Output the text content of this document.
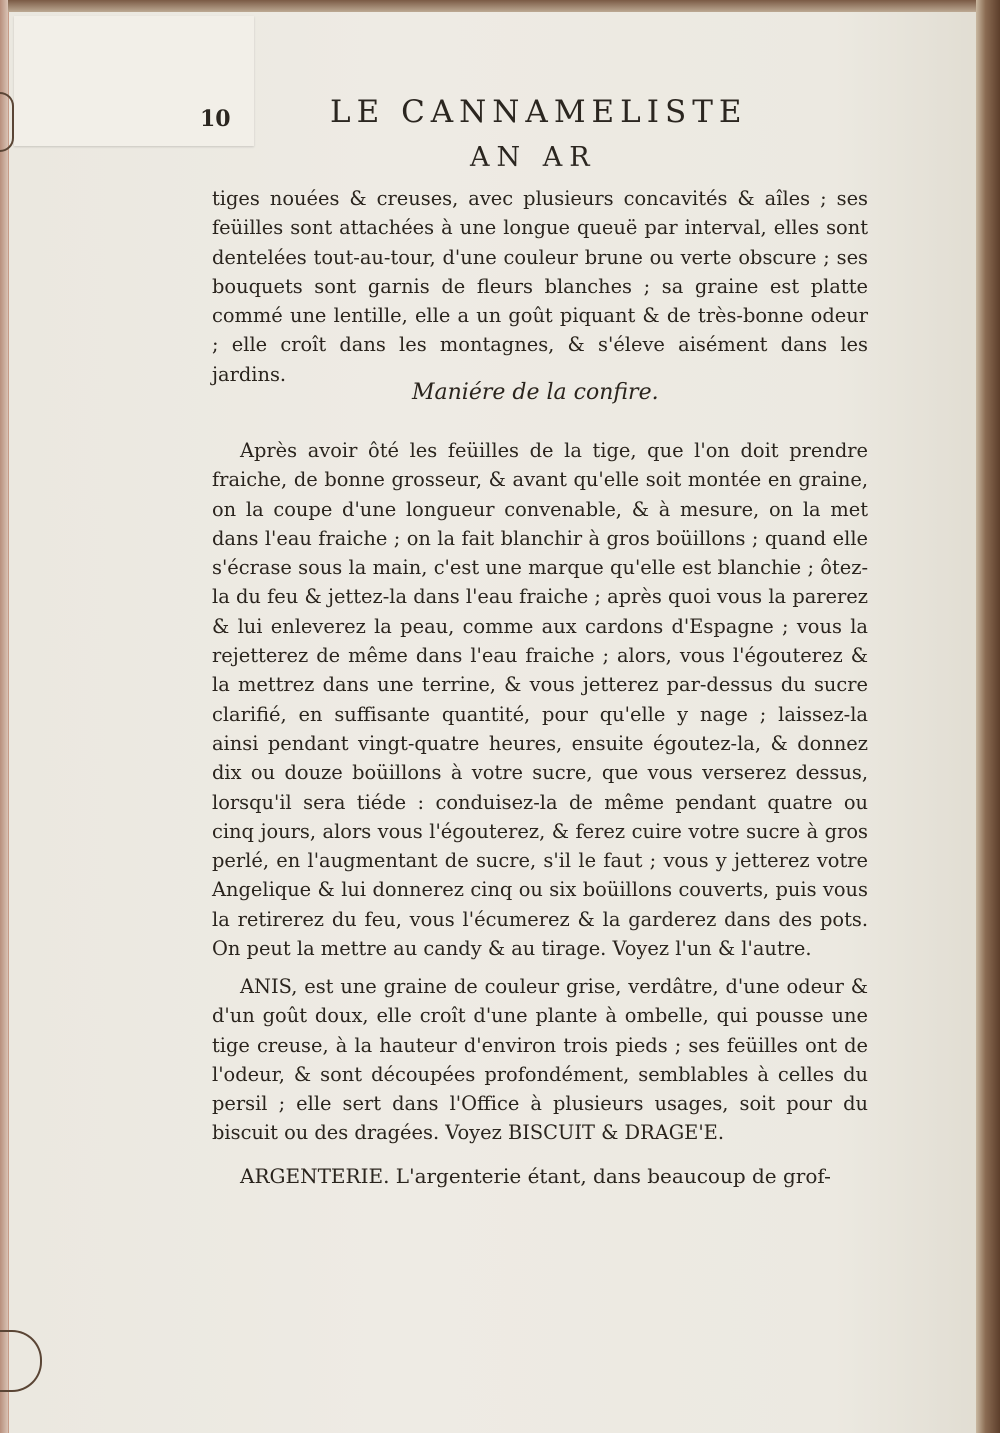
10	LE CANNAMELISTE
AN AR

tiges nouées & creuses, avec plusieurs concavités & aîles ; ses feüilles sont attachées à une longue queuë par interval, elles sont dentelées tout-au-tour, d'une couleur brune ou verte obscure ; ses bouquets sont garnis de fleurs blanches ; sa graine est platte commé une lentille, elle a un goût piquant & de très-bonne odeur ; elle croît dans les montagnes, & s'éleve aisément dans les jardins.

Maniére de la confire.

Après avoir ôté les feüilles de la tige, que l'on doit prendre fraiche, de bonne grosseur, & avant qu'elle soit montée en graine, on la coupe d'une longueur convenable, & à mesure, on la met dans l'eau fraiche ; on la fait blanchir à gros boüillons ; quand elle s'écrase sous la main, c'est une marque qu'elle est blanchie ; ôtez-la du feu & jettez-la dans l'eau fraiche ; après quoi vous la parerez & lui enleverez la peau, comme aux cardons d'Espagne ; vous la rejetterez de même dans l'eau fraiche ; alors, vous l'égouterez & la mettrez dans une terrine, & vous jetterez par-dessus du sucre clarifié, en suffisante quantité, pour qu'elle y nage ; laissez-la ainsi pendant vingt-quatre heures, ensuite égoutez-la, & donnez dix ou douze boüillons à votre sucre, que vous verserez dessus, lorsqu'il sera tiéde : conduisez-la de même pendant quatre ou cinq jours, alors vous l'égouterez, & ferez cuire votre sucre à gros perlé, en l'augmentant de sucre, s'il le faut ; vous y jetterez votre Angelique & lui donnerez cinq ou six boüillons couverts, puis vous la retirerez du feu, vous l'écumerez & la garderez dans des pots. On peut la mettre au candy & au tirage. Voyez l'un & l'autre.

ANIS, est une graine de couleur grise, verdâtre, d'une odeur & d'un goût doux, elle croît d'une plante à ombelle, qui pousse une tige creuse, à la hauteur d'environ trois pieds ; ses feüilles ont de l'odeur, & sont découpées profondément, semblables à celles du persil ; elle sert dans l'Office à plusieurs usages, soit pour du biscuit ou des dragées. Voyez BISCUIT & DRAGE'E.

ARGENTERIE. L'argenterie étant, dans beaucoup de grof-
